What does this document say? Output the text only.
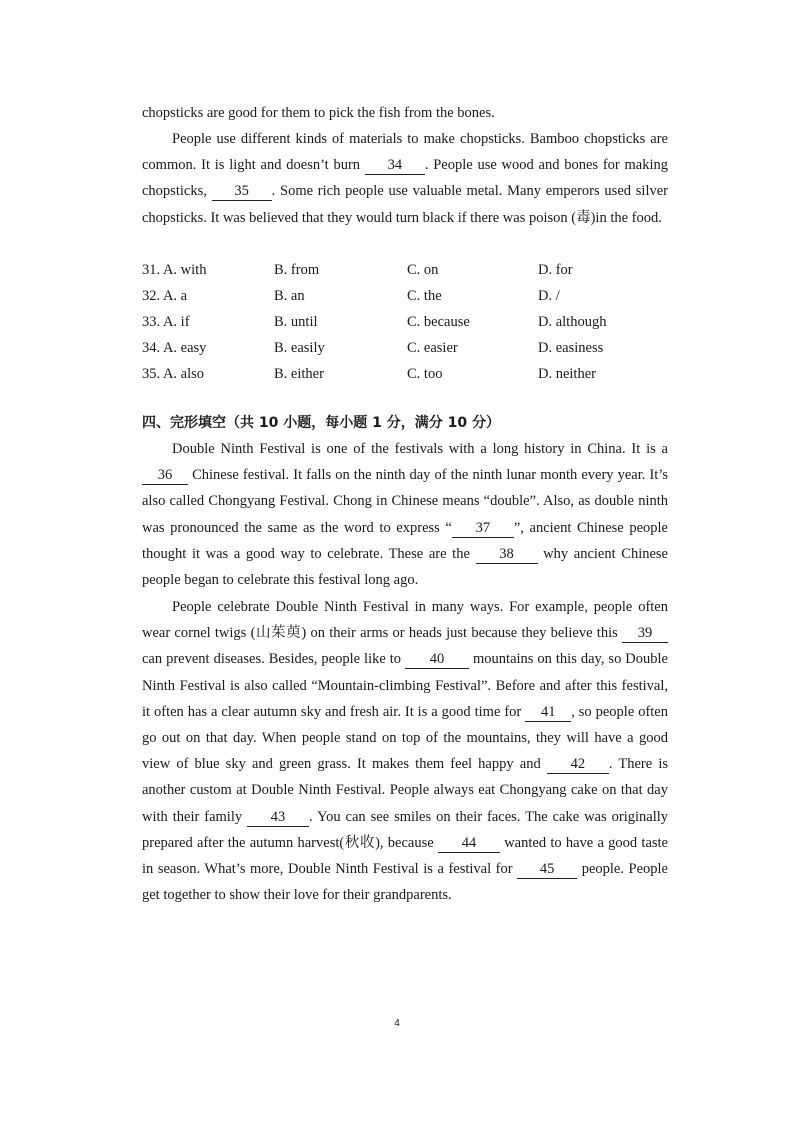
chopsticks are good for them to pick the fish from the bones.

People use different kinds of materials to make chopsticks. Bamboo chopsticks are common. It is light and doesn’t burn 34 . People use wood and bones for making chopsticks, 35 . Some rich people use valuable metal. Many emperors used silver chopsticks. It was believed that they would turn black if there was poison (毒)in the food.

31. A. with	B. from	C. on	D. for
32. A. a	B. an	C. the	D. /
33. A. if	B. until	C. because	D. although
34. A. easy	B. easily	C. easier	D. easiness
35. A. also	B. either	C. too	D. neither
四、完形填空（共 10 小题，每小题 1 分，满分 10 分）

Double Ninth Festival is one of the festivals with a long history in China. It is a 36 Chinese festival. It falls on the ninth day of the ninth lunar month every year. It’s also called Chongyang Festival. Chong in Chinese means “double”. Also, as double ninth was pronounced the same as the word to express “ 37 ”, ancient Chinese people thought it was a good way to celebrate. These are the 38 why ancient Chinese people began to celebrate this festival long ago.

People celebrate Double Ninth Festival in many ways. For example, people often wear cornel twigs (山茱萸) on their arms or heads just because they believe this 39 can prevent diseases. Besides, people like to 40 mountains on this day, so Double Ninth Festival is also called “Mountain-climbing Festival”. Before and after this festival, it often has a clear autumn sky and fresh air. It is a good time for 41 , so people often go out on that day. When people stand on top of the mountains, they will have a good view of blue sky and green grass. It makes them feel happy and 42 . There is another custom at Double Ninth Festival. People always eat Chongyang cake on that day with their family 43 . You can see smiles on their faces. The cake was originally prepared after the autumn harvest(秋收), because 44 wanted to have a good taste in season. What’s more, Double Ninth Festival is a festival for 45 people. People get together to show their love for their grandparents.

4
